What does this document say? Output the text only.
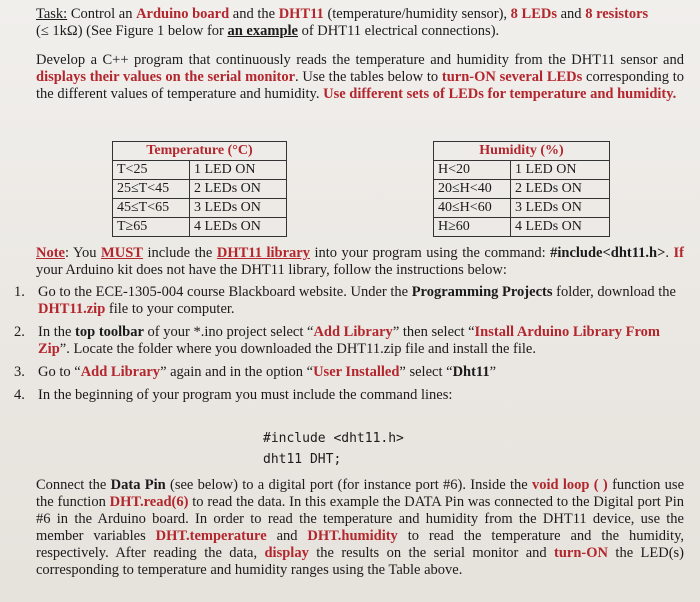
Task: Control an Arduino board and the DHT11 (temperature/humidity sensor), 8 LEDs and 8 resistors

(≤ 1kΩ) (See Figure 1 below for an example of DHT11 electrical connections).

Develop a C++ program that continuously reads the temperature and humidity from the DHT11 sensor and displays their values on the serial monitor. Use the tables below to turn-ON several LEDs corresponding to the different values of temperature and humidity. Use different sets of LEDs for temperature and humidity.

Temperature (°C)	
T<25	1 LED ON
25≤T<45	2 LEDs ON
45≤T<65	3 LEDs ON
T≥65	4 LEDs ON
Humidity (%)	
H<20	1 LED ON
20≤H<40	2 LEDs ON
40≤H<60	3 LEDs ON
H≥60	4 LEDs ON

Note: You MUST include the DHT11 library into your program using the command: #include<dht11.h>. If your Arduino kit does not have the DHT11 library, follow the instructions below:

1. Go to the ECE-1305-004 course Blackboard website. Under the Programming Projects folder, download the DHT11.zip file to your computer.
2. In the top toolbar of your *.ino project select “Add Library” then select “Install Arduino Library From Zip”. Locate the folder where you downloaded the DHT11.zip file and install the file.
3. Go to “Add Library” again and in the option “User Installed” select “Dht11”
4. In the beginning of your program you must include the command lines:
#include <dht11.h>
dht11 DHT;

Connect the Data Pin (see below) to a digital port (for instance port #6). Inside the void loop ( ) function use the function DHT.read(6) to read the data. In this example the DATA Pin was connected to the Digital port Pin #6 in the Arduino board. In order to read the temperature and humidity from the DHT11 device, use the member variables DHT.temperature and DHT.humidity to read the temperature and the humidity, respectively. After reading the data, display the results on the serial monitor and turn-ON the LED(s) corresponding to temperature and humidity ranges using the Table above.
